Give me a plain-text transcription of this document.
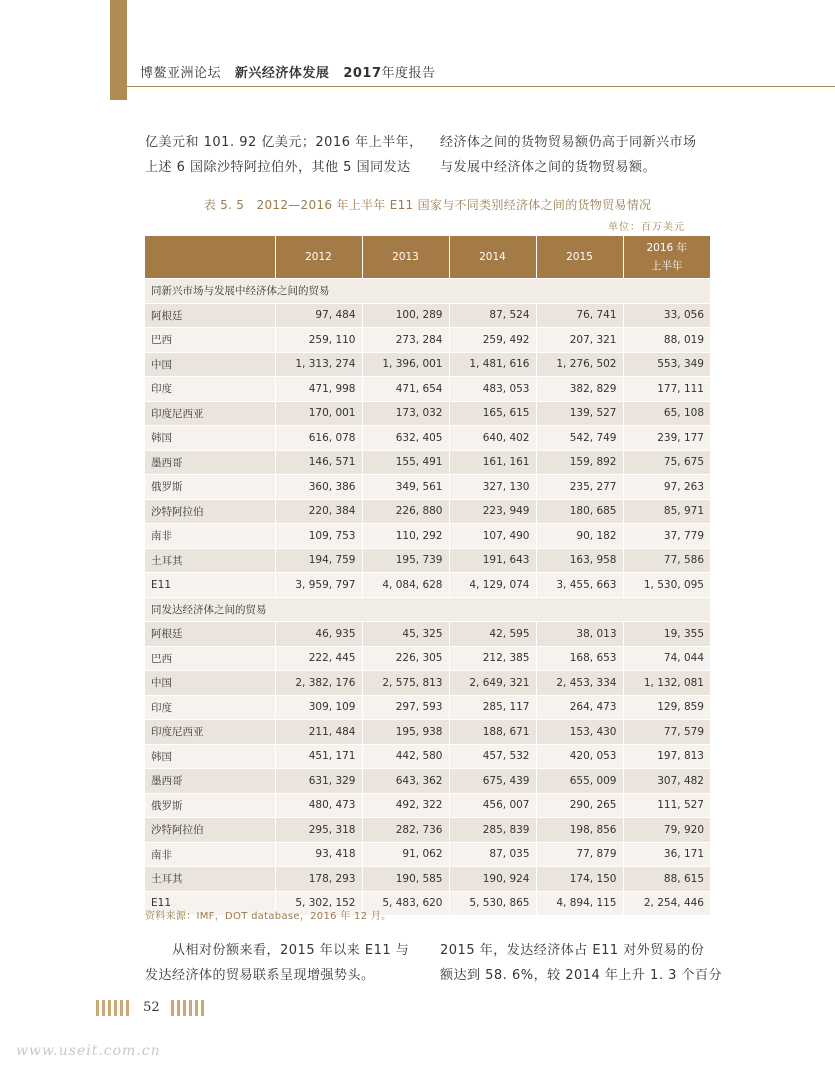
博鳌亚洲论坛 新兴经济体发展 2017年度报告
亿美元和 101. 92 亿美元；2016 年上半年，
上述 6 国除沙特阿拉伯外，其他 5 国同发达
经济体之间的货物贸易额仍高于同新兴市场
与发展中经济体之间的货物贸易额。
表 5. 5　2012—2016 年上半年 E11 国家与不同类别经济体之间的货物贸易情况
单位：百万美元
	2012	2013	2014	2015	2016 年
上半年
同新兴市场与发展中经济体之间的贸易					
阿根廷	97, 484	100, 289	87, 524	76, 741	33, 056
巴西	259, 110	273, 284	259, 492	207, 321	88, 019
中国	1, 313, 274	1, 396, 001	1, 481, 616	1, 276, 502	553, 349
印度	471, 998	471, 654	483, 053	382, 829	177, 111
印度尼西亚	170, 001	173, 032	165, 615	139, 527	65, 108
韩国	616, 078	632, 405	640, 402	542, 749	239, 177
墨西哥	146, 571	155, 491	161, 161	159, 892	75, 675
俄罗斯	360, 386	349, 561	327, 130	235, 277	97, 263
沙特阿拉伯	220, 384	226, 880	223, 949	180, 685	85, 971
南非	109, 753	110, 292	107, 490	90, 182	37, 779
土耳其	194, 759	195, 739	191, 643	163, 958	77, 586
E11	3, 959, 797	4, 084, 628	4, 129, 074	3, 455, 663	1, 530, 095
同发达经济体之间的贸易					
阿根廷	46, 935	45, 325	42, 595	38, 013	19, 355
巴西	222, 445	226, 305	212, 385	168, 653	74, 044
中国	2, 382, 176	2, 575, 813	2, 649, 321	2, 453, 334	1, 132, 081
印度	309, 109	297, 593	285, 117	264, 473	129, 859
印度尼西亚	211, 484	195, 938	188, 671	153, 430	77, 579
韩国	451, 171	442, 580	457, 532	420, 053	197, 813
墨西哥	631, 329	643, 362	675, 439	655, 009	307, 482
俄罗斯	480, 473	492, 322	456, 007	290, 265	111, 527
沙特阿拉伯	295, 318	282, 736	285, 839	198, 856	79, 920
南非	93, 418	91, 062	87, 035	77, 879	36, 171
土耳其	178, 293	190, 585	190, 924	174, 150	88, 615
E11	5, 302, 152	5, 483, 620	5, 530, 865	4, 894, 115	2, 254, 446
资料来源：IMF，DOT database，2016 年 12 月。
　　从相对份额来看，2015 年以来 E11 与
发达经济体的贸易联系呈现增强势头。
2015 年，发达经济体占 E11 对外贸易的份
额达到 58. 6%，较 2014 年上升 1. 3 个百分
52
www.useit.com.cn
